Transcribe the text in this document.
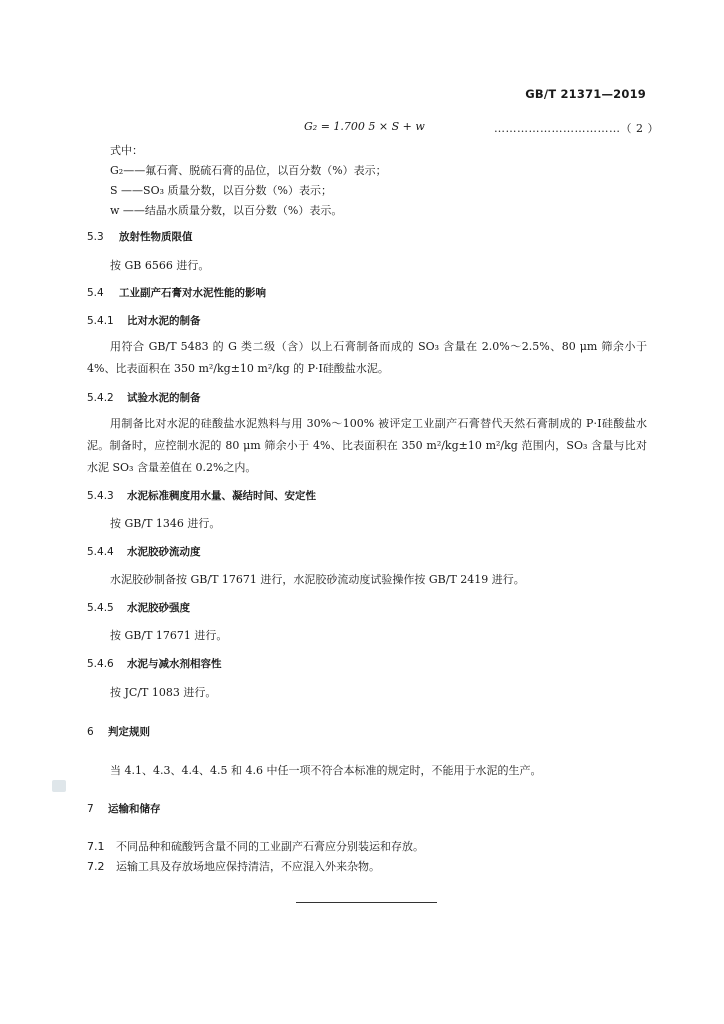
GB/T 21371—2019
G₂ = 1.700 5 × S + w	……………………………（ 2 ）
式中：
G₂——氟石膏、脱硫石膏的品位，以百分数（%）表示；
S ——SO₃ 质量分数，以百分数（%）表示；
w ——结晶水质量分数，以百分数（%）表示。
5.3 放射性物质限值
按 GB 6566 进行。
5.4 工业副产石膏对水泥性能的影响
5.4.1 比对水泥的制备
用符合 GB/T 5483 的 G 类二级（含）以上石膏制备而成的 SO₃ 含量在 2.0%～2.5%、80 μm 筛余小于 4%、比表面积在 350 m²/kg±10 m²/kg 的 P·Ⅰ硅酸盐水泥。
5.4.2 试验水泥的制备
用制备比对水泥的硅酸盐水泥熟料与用 30%～100% 被评定工业副产石膏替代天然石膏制成的 P·Ⅰ硅酸盐水泥。制备时，应控制水泥的 80 μm 筛余小于 4%、比表面积在 350 m²/kg±10 m²/kg 范围内，SO₃ 含量与比对水泥 SO₃ 含量差值在 0.2%之内。
5.4.3 水泥标准稠度用水量、凝结时间、安定性
按 GB/T 1346 进行。
5.4.4 水泥胶砂流动度
水泥胶砂制备按 GB/T 17671 进行，水泥胶砂流动度试验操作按 GB/T 2419 进行。
5.4.5 水泥胶砂强度
按 GB/T 17671 进行。
5.4.6 水泥与减水剂相容性
按 JC/T 1083 进行。
6 判定规则
当 4.1、4.3、4.4、4.5 和 4.6 中任一项不符合本标准的规定时，不能用于水泥的生产。
7 运输和储存
7.1 不同品种和硫酸钙含量不同的工业副产石膏应分别装运和存放。
7.2 运输工具及存放场地应保持清洁，不应混入外来杂物。
